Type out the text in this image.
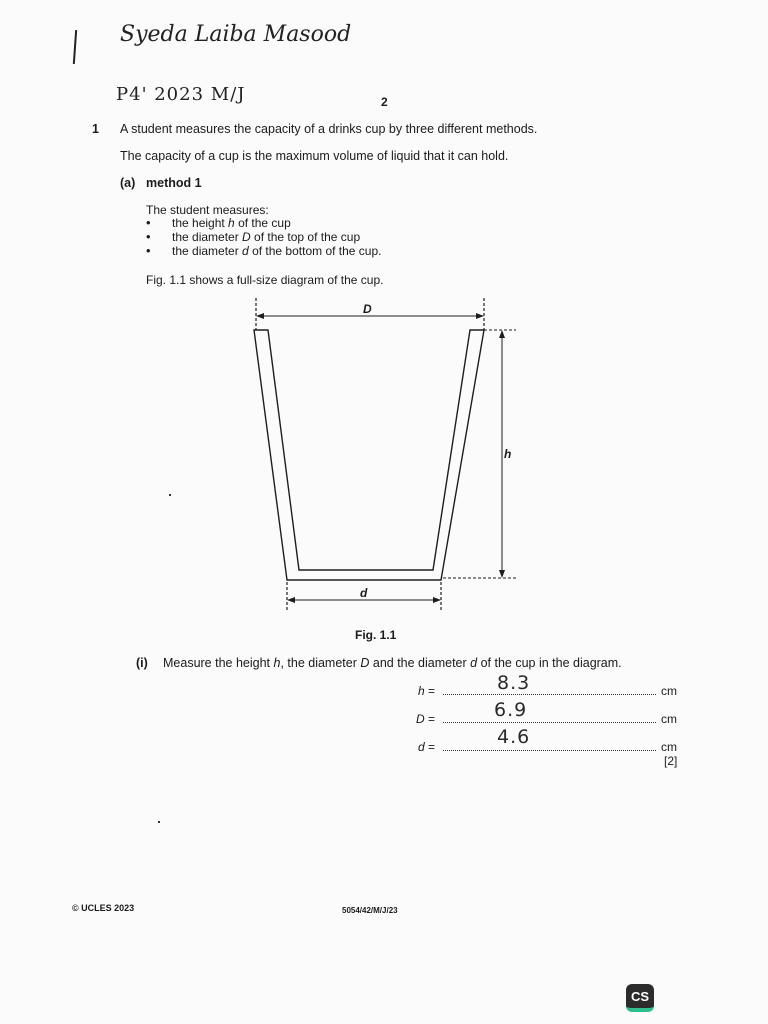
Syeda Laiba Masood
P4' 2023 M/J	2
1 A student measures the capacity of a drinks cup by three different methods.
The capacity of a cup is the maximum volume of liquid that it can hold.
(a) method 1
The student measures:
• the height h of the cup
• the diameter D of the top of the cup
• the diameter d of the bottom of the cup.
Fig. 1.1 shows a full-size diagram of the cup.
D
h
d
Fig. 1.1
(i) Measure the height h, the diameter D and the diameter d of the cup in the diagram.
h =	8.3	cm
D =	6.9	cm
d =	4.6	cm
[2]
© UCLES 2023	5054/42/M/J/23
CS
